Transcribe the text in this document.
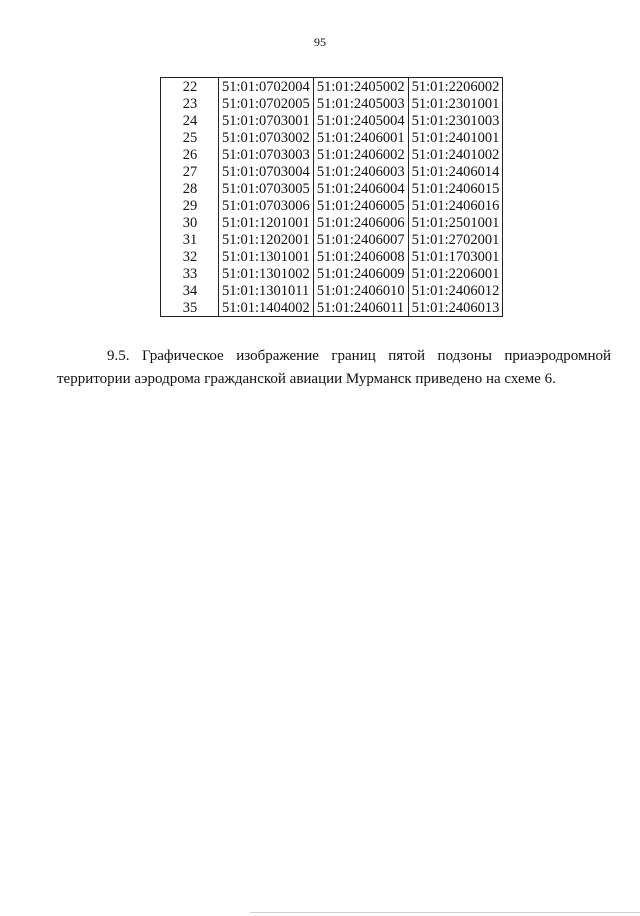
95
22	51:01:0702004	51:01:2405002	51:01:2206002
23	51:01:0702005	51:01:2405003	51:01:2301001
24	51:01:0703001	51:01:2405004	51:01:2301003
25	51:01:0703002	51:01:2406001	51:01:2401001
26	51:01:0703003	51:01:2406002	51:01:2401002
27	51:01:0703004	51:01:2406003	51:01:2406014
28	51:01:0703005	51:01:2406004	51:01:2406015
29	51:01:0703006	51:01:2406005	51:01:2406016
30	51:01:1201001	51:01:2406006	51:01:2501001
31	51:01:1202001	51:01:2406007	51:01:2702001
32	51:01:1301001	51:01:2406008	51:01:1703001
33	51:01:1301002	51:01:2406009	51:01:2206001
34	51:01:1301011	51:01:2406010	51:01:2406012
35	51:01:1404002	51:01:2406011	51:01:2406013
9.5. Графическое изображение границ пятой подзоны приаэродромной
территории аэродрома гражданской авиации Мурманск приведено на схеме 6.
